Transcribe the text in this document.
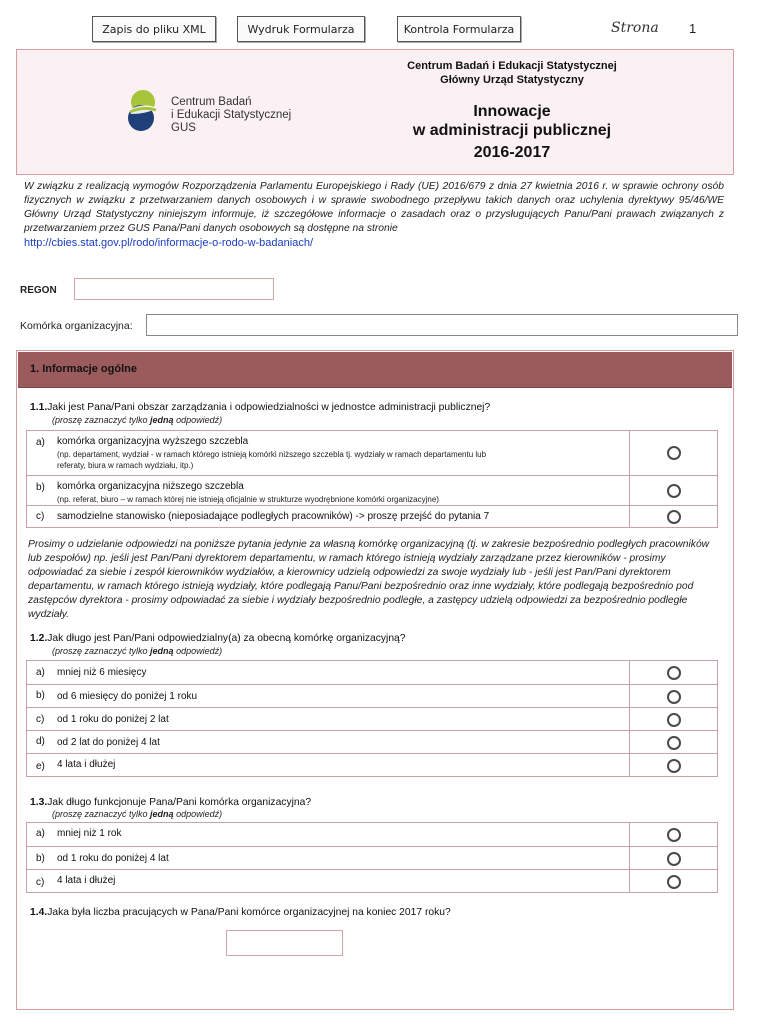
Zapis do pliku XML	Wydruk Formularza	Kontrola Formularza	Strona 1
Centrum Badań
i Edukacji Statystycznej GUS
Centrum Badań i Edukacji Statystycznej
Główny Urząd Statystyczny
Innowacje
w administracji publicznej
2016-2017
W związku z realizacją wymogów Rozporządzenia Parlamentu Europejskiego i Rady (UE) 2016/679 z dnia 27 kwietnia 2016 r. w sprawie ochrony osób fizycznych w związku z przetwarzaniem danych osobowych i w sprawie swobodnego przepływu takich danych oraz uchylenia dyrektywy 95/46/WE Główny Urząd Statystyczny niniejszym informuje, iż szczegółowe informacje o zasadach oraz o przysługujących Panu/Pani prawach związanych z przetwarzaniem przez GUS Pana/Pani danych osobowych są dostępne na stronie
http://cbies.stat.gov.pl/rodo/informacje-o-rodo-w-badaniach/
REGON
Komórka organizacyjna:
1. Informacje ogólne
1.1.Jaki jest Pana/Pani obszar zarządzania i odpowiedzialności w jednostce administracji publicznej?
(proszę zaznaczyć tylko jedną odpowiedź)
a) komórka organizacyjna wyższego szczebla
(np. departament, wydział - w ramach którego istnieją komórki niższego szczebla tj. wydziały w ramach departamentu lub referaty, biura w ramach wydziału, itp.)
b) komórka organizacyjna niższego szczebla
(np. referat, biuro – w ramach której nie istnieją oficjalnie w strukturze wyodrębnione komórki organizacyjne)
c) samodzielne stanowisko (nieposiadające podległych pracowników) -> proszę przejść do pytania 7
Prosimy o udzielanie odpowiedzi na poniższe pytania jedynie za własną komórkę organizacyjną (tj. w zakresie bezpośrednio podległych pracowników lub zespołów) np. jeśli jest Pan/Pani dyrektorem departamentu, w ramach którego istnieją wydziały zarządzane przez kierowników - prosimy odpowiadać za siebie i zespół kierowników wydziałów, a kierownicy udzielą odpowiedzi za swoje wydziały lub - jeśli jest Pan/Pani dyrektorem departamentu, w ramach którego istnieją wydziały, które podlegają Panu/Pani bezpośrednio oraz inne wydziały, które podlegają bezpośrednio pod zastępców dyrektora - prosimy odpowiadać za siebie i wydziały bezpośrednio podległe, a zastępcy udzielą odpowiedzi za bezpośrednio podległe wydziały.
1.2.Jak długo jest Pan/Pani odpowiedzialny(a) za obecną komórkę organizacyjną?
(proszę zaznaczyć tylko jedną odpowiedź)
a) mniej niż 6 miesięcy
b) od 6 miesięcy do poniżej 1 roku
c) od 1 roku do poniżej 2 lat
d) od 2 lat do poniżej 4 lat
e) 4 lata i dłużej
1.3.Jak długo funkcjonuje Pana/Pani komórka organizacyjna?
(proszę zaznaczyć tylko jedną odpowiedź)
a) mniej niż 1 rok
b) od 1 roku do poniżej 4 lat
c) 4 lata i dłużej
1.4.Jaka była liczba pracujących w Pana/Pani komórce organizacyjnej na koniec 2017 roku?
